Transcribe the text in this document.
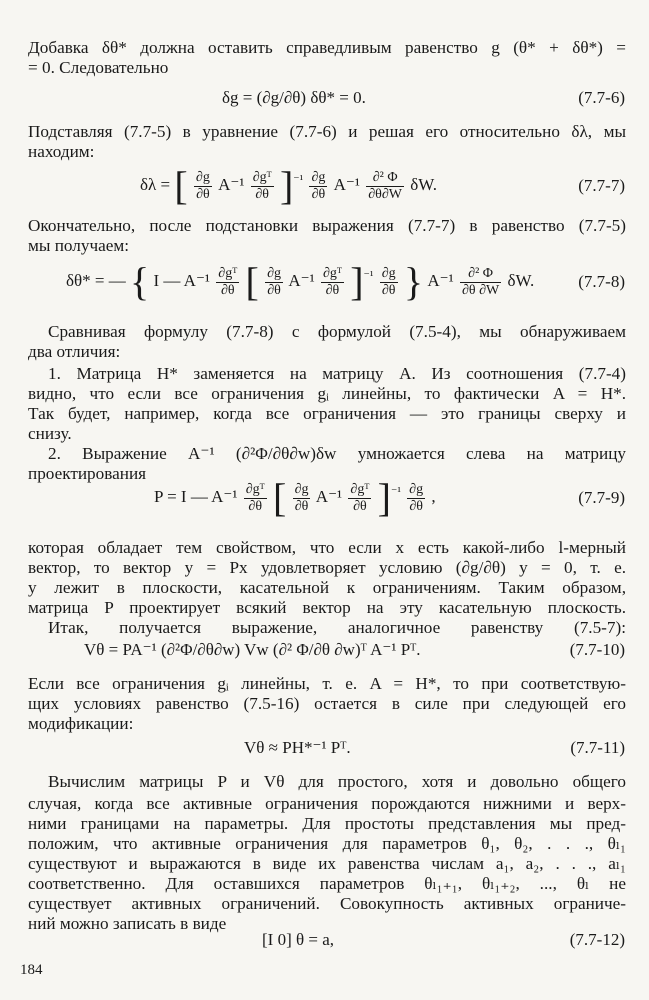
Добавка δθ* должна оставить справедливым равенство g (θ* + δθ*) =
= 0. Следовательно
δg = (∂g/∂θ) δθ* = 0.	(7.7-6)
Подставляя (7.7-5) в уравнение (7.7-6) и решая его относительно δλ, мы
находим:
δλ = [ $\frac{\partial g}{\partial\theta} A^{-1} \frac{\text{∂gᵀ}}{\partial\theta} ]^{^{-1}} \frac{\partial g}{\partial\theta} A^{-1} \frac{\text{∂² Φ}}{\partial\theta\partial W} \delta W$.	(7.7-7)
Окончательно, после подстановки выражения (7.7-7) в равенство (7.7-5)
мы получаем:
δθ* = — { I — $A^{-1} \frac{\text{∂gᵀ}}{\partial\theta}$ [ $\frac{\partial g}{\partial\theta} A^{-1} \frac{\text{∂gᵀ}}{\partial\theta} ]^{^{-1}} \frac{\partial g}{\partial\theta}$ } $A^{-1} \frac{\text{∂² Φ}}{\partial\theta \partial W} \delta W$.	(7.7-8)
Сравнивая формулу (7.7-8) с формулой (7.5-4), мы обнаруживаем
два отличия:
1. Матрица H* заменяется на матрицу A. Из соотношения (7.7-4)
видно, что если все ограничения gᵢ линейны, то фактически A = H*.
Так будет, например, когда все ограничения — это границы сверху и
снизу.
2. Выражение A⁻¹ (∂²Φ/∂θ∂w)δw умножается слева на матрицу
проектирования
P = I — $A^{-1} \frac{\text{∂gᵀ}}{\partial\theta}$ [ $\frac{\partial g}{\partial\theta} A^{-1} \frac{\text{∂gᵀ}}{\partial\theta} ]^{^{-1}} \frac{\partial g}{\partial\theta}$ ,	(7.7-9)
которая обладает тем свойством, что если x есть какой-либо l-мерный
вектор, то вектор y = Px удовлетворяет условию (∂g/∂θ) y = 0, т. е.
y лежит в плоскости, касательной к ограничениям. Таким образом,
матрица P проектирует всякий вектор на эту касательную плоскость.
Итак, получается выражение, аналогичное равенству (7.5-7):
Vθ = PA⁻¹ (∂²Φ/∂θ∂w) Vw (∂² Φ/∂θ ∂w)ᵀ A⁻¹ Pᵀ.	(7.7-10)
Если все ограничения gᵢ линейны, т. е. A = H*, то при соответствую-
щих условиях равенство (7.5-16) остается в силе при следующей его
модификации:
Vθ ≈ PH*⁻¹ Pᵀ.	(7.7-11)
Вычислим матрицы P и Vθ для простого, хотя и довольно общего
случая, когда все активные ограничения порождаются нижними и верх-
ними границами на параметры. Для простоты представления мы пред-
положим, что активные ограничения для параметров θ₁, θ₂, . . ., θₗ₁
существуют и выражаются в виде их равенства числам a₁, a₂, . . ., aₗ₁
соответственно. Для оставшихся параметров θₗ₁₊₁, θₗ₁₊₂, ..., θₗ не
существует активных ограничений. Совокупность активных ограниче-
ний можно записать в виде
[I 0] θ = a,	(7.7-12)
184
